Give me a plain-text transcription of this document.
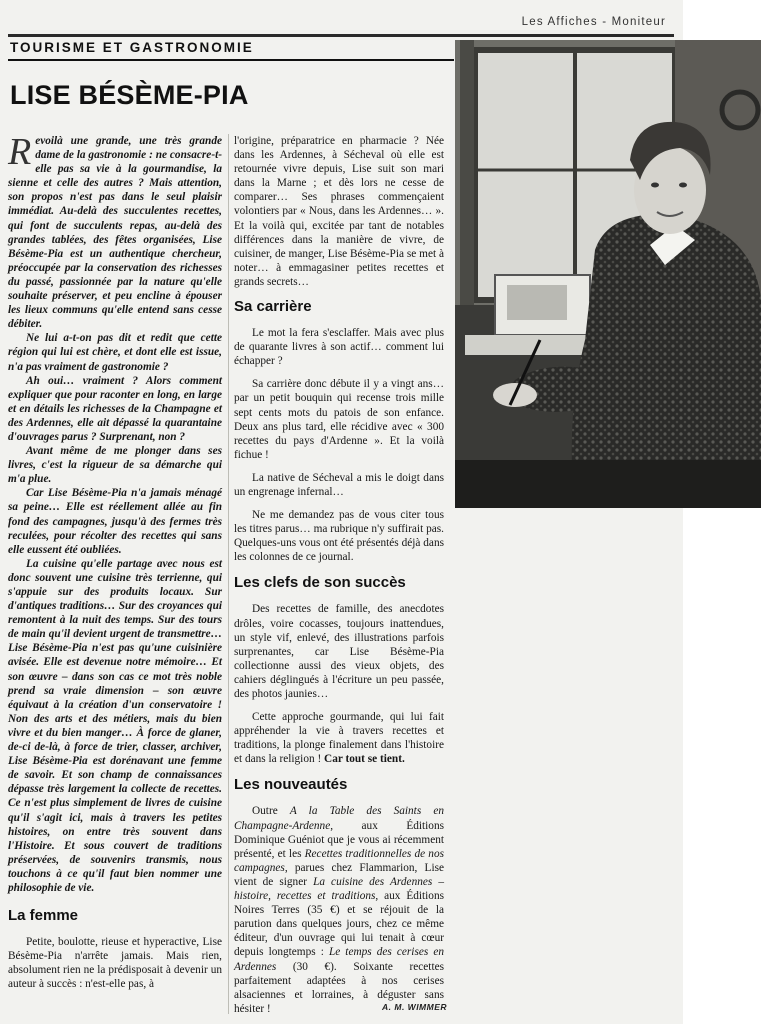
Les Affiches - Moniteur
TOURISME ET GASTRONOMIE
LISE BÉSÈME-PIA

Revoilà une grande, une très grande dame de la gastronomie : ne consacre-t-elle pas sa vie à la gourmandise, la sienne et celle des autres ? Mais attention, son propos n'est pas dans le seul plaisir immédiat. Au-delà des succulentes recettes, qui font de succulents repas, au-delà des grandes tablées, des fêtes organisées, Lise Bésème-Pia est un authentique chercheur, préoccupée par la conservation des richesses du passé, passionnée par la nature qu'elle souhaite préserver, et peu encline à épouser les lieux communs qu'elle entend sans cesse débiter.

Ne lui a-t-on pas dit et redit que cette région qui lui est chère, et dont elle est issue, n'a pas vraiment de gastronomie ?

Ah oui… vraiment ? Alors comment expliquer que pour raconter en long, en large et en détails les richesses de la Champagne et des Ardennes, elle ait dépassé la quarantaine d'ouvrages parus ? Surprenant, non ?

Avant même de me plonger dans ses livres, c'est la rigueur de sa démarche qui m'a plue.

Car Lise Bésème-Pia n'a jamais ménagé sa peine… Elle est réellement allée au fin fond des campagnes, jusqu'à des fermes très reculées, pour récolter des recettes qui sans elle eussent été oubliées.

La cuisine qu'elle partage avec nous est donc souvent une cuisine très terrienne, qui s'appuie sur des produits locaux. Sur d'antiques traditions… Sur des croyances qui remontent à la nuit des temps. Sur des tours de main qu'il devient urgent de transmettre… Lise Bésème-Pia n'est pas qu'une cuisinière avisée. Elle est devenue notre mémoire… Et son œuvre – dans son cas ce mot très noble prend sa vraie dimension – son œuvre équivaut à la création d'un conservatoire ! Non des arts et des métiers, mais du bien vivre et du bien manger… À force de glaner, de-ci de-là, à force de trier, classer, archiver, Lise Bésème-Pia est dorénavant une femme de savoir. Et son champ de connaissances dépasse très largement la collecte de recettes. Ce n'est plus simplement de livres de cuisine qu'il s'agit ici, mais à travers les petites histoires, on entre très souvent dans l'Histoire. Et sous couvert de traditions préservées, de souvenirs transmis, nous touchons à ce qu'il faut bien nommer une philosophie de vie.

La femme

Petite, boulotte, rieuse et hyperactive, Lise Bésème-Pia n'arrête jamais. Mais rien, absolument rien ne la prédisposait à devenir un auteur à succès : n'est-elle pas, à

l'origine, préparatrice en pharmacie ? Née dans les Ardennes, à Sécheval où elle est retournée vivre depuis, Lise suit son mari dans la Marne ; et dès lors ne cesse de comparer… Ses phrases commençaient volontiers par « Nous, dans les Ardennes… ». Et la voilà qui, excitée par tant de notables différences dans la manière de vivre, de cuisiner, de manger, Lise Bésème-Pia se met à noter… à emmagasiner petites recettes et grands secrets…

Sa carrière

Le mot la fera s'esclaffer. Mais avec plus de quarante livres à son actif… comment lui échapper ?

Sa carrière donc débute il y a vingt ans… par un petit bouquin qui recense trois mille sept cents mots du patois de son enfance. Deux ans plus tard, elle récidive avec « 300 recettes du pays d'Ardenne ». Et la voilà fichue !

La native de Sécheval a mis le doigt dans un engrenage infernal…

Ne me demandez pas de vous citer tous les titres parus… ma rubrique n'y suffirait pas. Quelques-uns vous ont été présentés déjà dans les colonnes de ce journal.

Les clefs de son succès

Des recettes de famille, des anecdotes drôles, voire cocasses, toujours inattendues, un style vif, enlevé, des illustrations parfois surprenantes, car Lise Bésème-Pia collectionne aussi des vieux objets, des cahiers déglingués à l'écriture un peu passée, des photos jaunies…

Cette approche gourmande, qui lui fait appréhender la vie à travers recettes et traditions, la plonge finalement dans l'histoire et dans la religion ! Car tout se tient.

Les nouveautés

Outre A la Table des Saints en Champagne-Ardenne, aux Éditions Dominique Guéniot que je vous ai récemment présenté, et les Recettes traditionnelles de nos campagnes, parues chez Flammarion, Lise vient de signer La cuisine des Ardennes – histoire, recettes et traditions, aux Éditions Noires Terres (35 €) et se réjouit de la parution dans quelques jours, chez ce même éditeur, d'un ouvrage qui lui tenait à cœur depuis longtemps : Le temps des cerises en Ardennes (30 €). Soixante recettes parfaitement adaptées à nos cerises alsaciennes et lorraines, à déguster sans hésiter !	A. M. WIMMER
